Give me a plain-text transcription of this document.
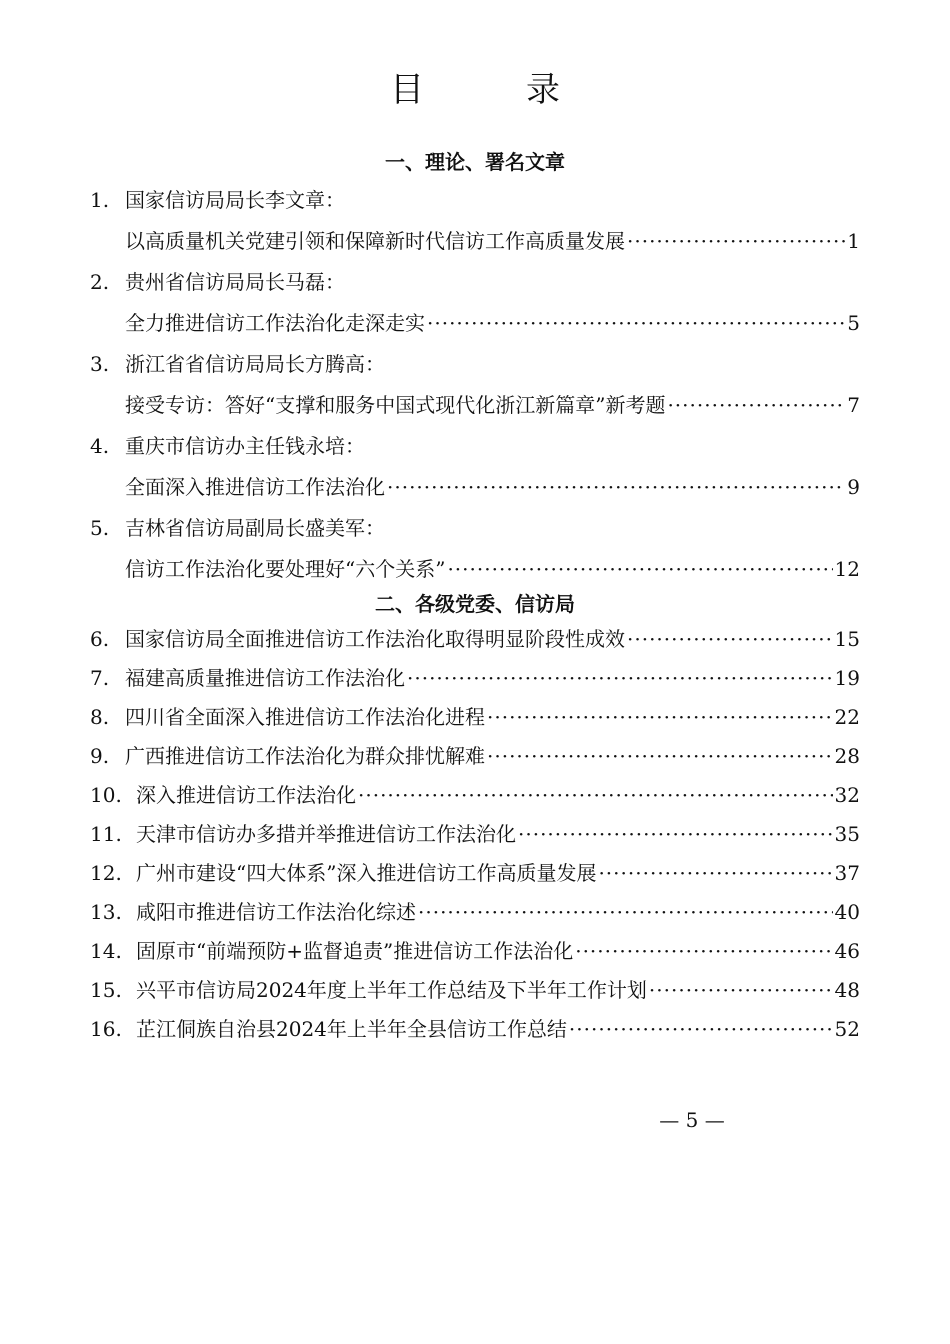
目　录
一、理论、署名文章
1. 国家信访局局长李文章：
以高质量机关党建引领和保障新时代信访工作高质量发展 ·····	1
2. 贵州省信访局局长马磊：
全力推进信访工作法治化走深走实 ·····	5
3. 浙江省省信访局局长方腾高：
接受专访：答好“支撑和服务中国式现代化浙江新篇章”新考题 ·····	7
4. 重庆市信访办主任钱永培：
全面深入推进信访工作法治化 ·····	9
5. 吉林省信访局副局长盛美军：
信访工作法治化要处理好“六个关系” ·····	12
二、各级党委、信访局
6. 国家信访局全面推进信访工作法治化取得明显阶段性成效 ·····	15
7. 福建高质量推进信访工作法治化 ·····	19
8. 四川省全面深入推进信访工作法治化进程 ·····	22
9. 广西推进信访工作法治化为群众排忧解难 ·····	28
10. 深入推进信访工作法治化 ·····	32
11. 天津市信访办多措并举推进信访工作法治化 ·····	35
12. 广州市建设“四大体系”深入推进信访工作高质量发展 ·····	37
13. 咸阳市推进信访工作法治化综述 ·····	40
14. 固原市“前端预防+监督追责”推进信访工作法治化 ·····	46
15. 兴平市信访局2024年度上半年工作总结及下半年工作计划 ·····	48
16. 芷江侗族自治县2024年上半年全县信访工作总结 ·····	52
— 5 —
